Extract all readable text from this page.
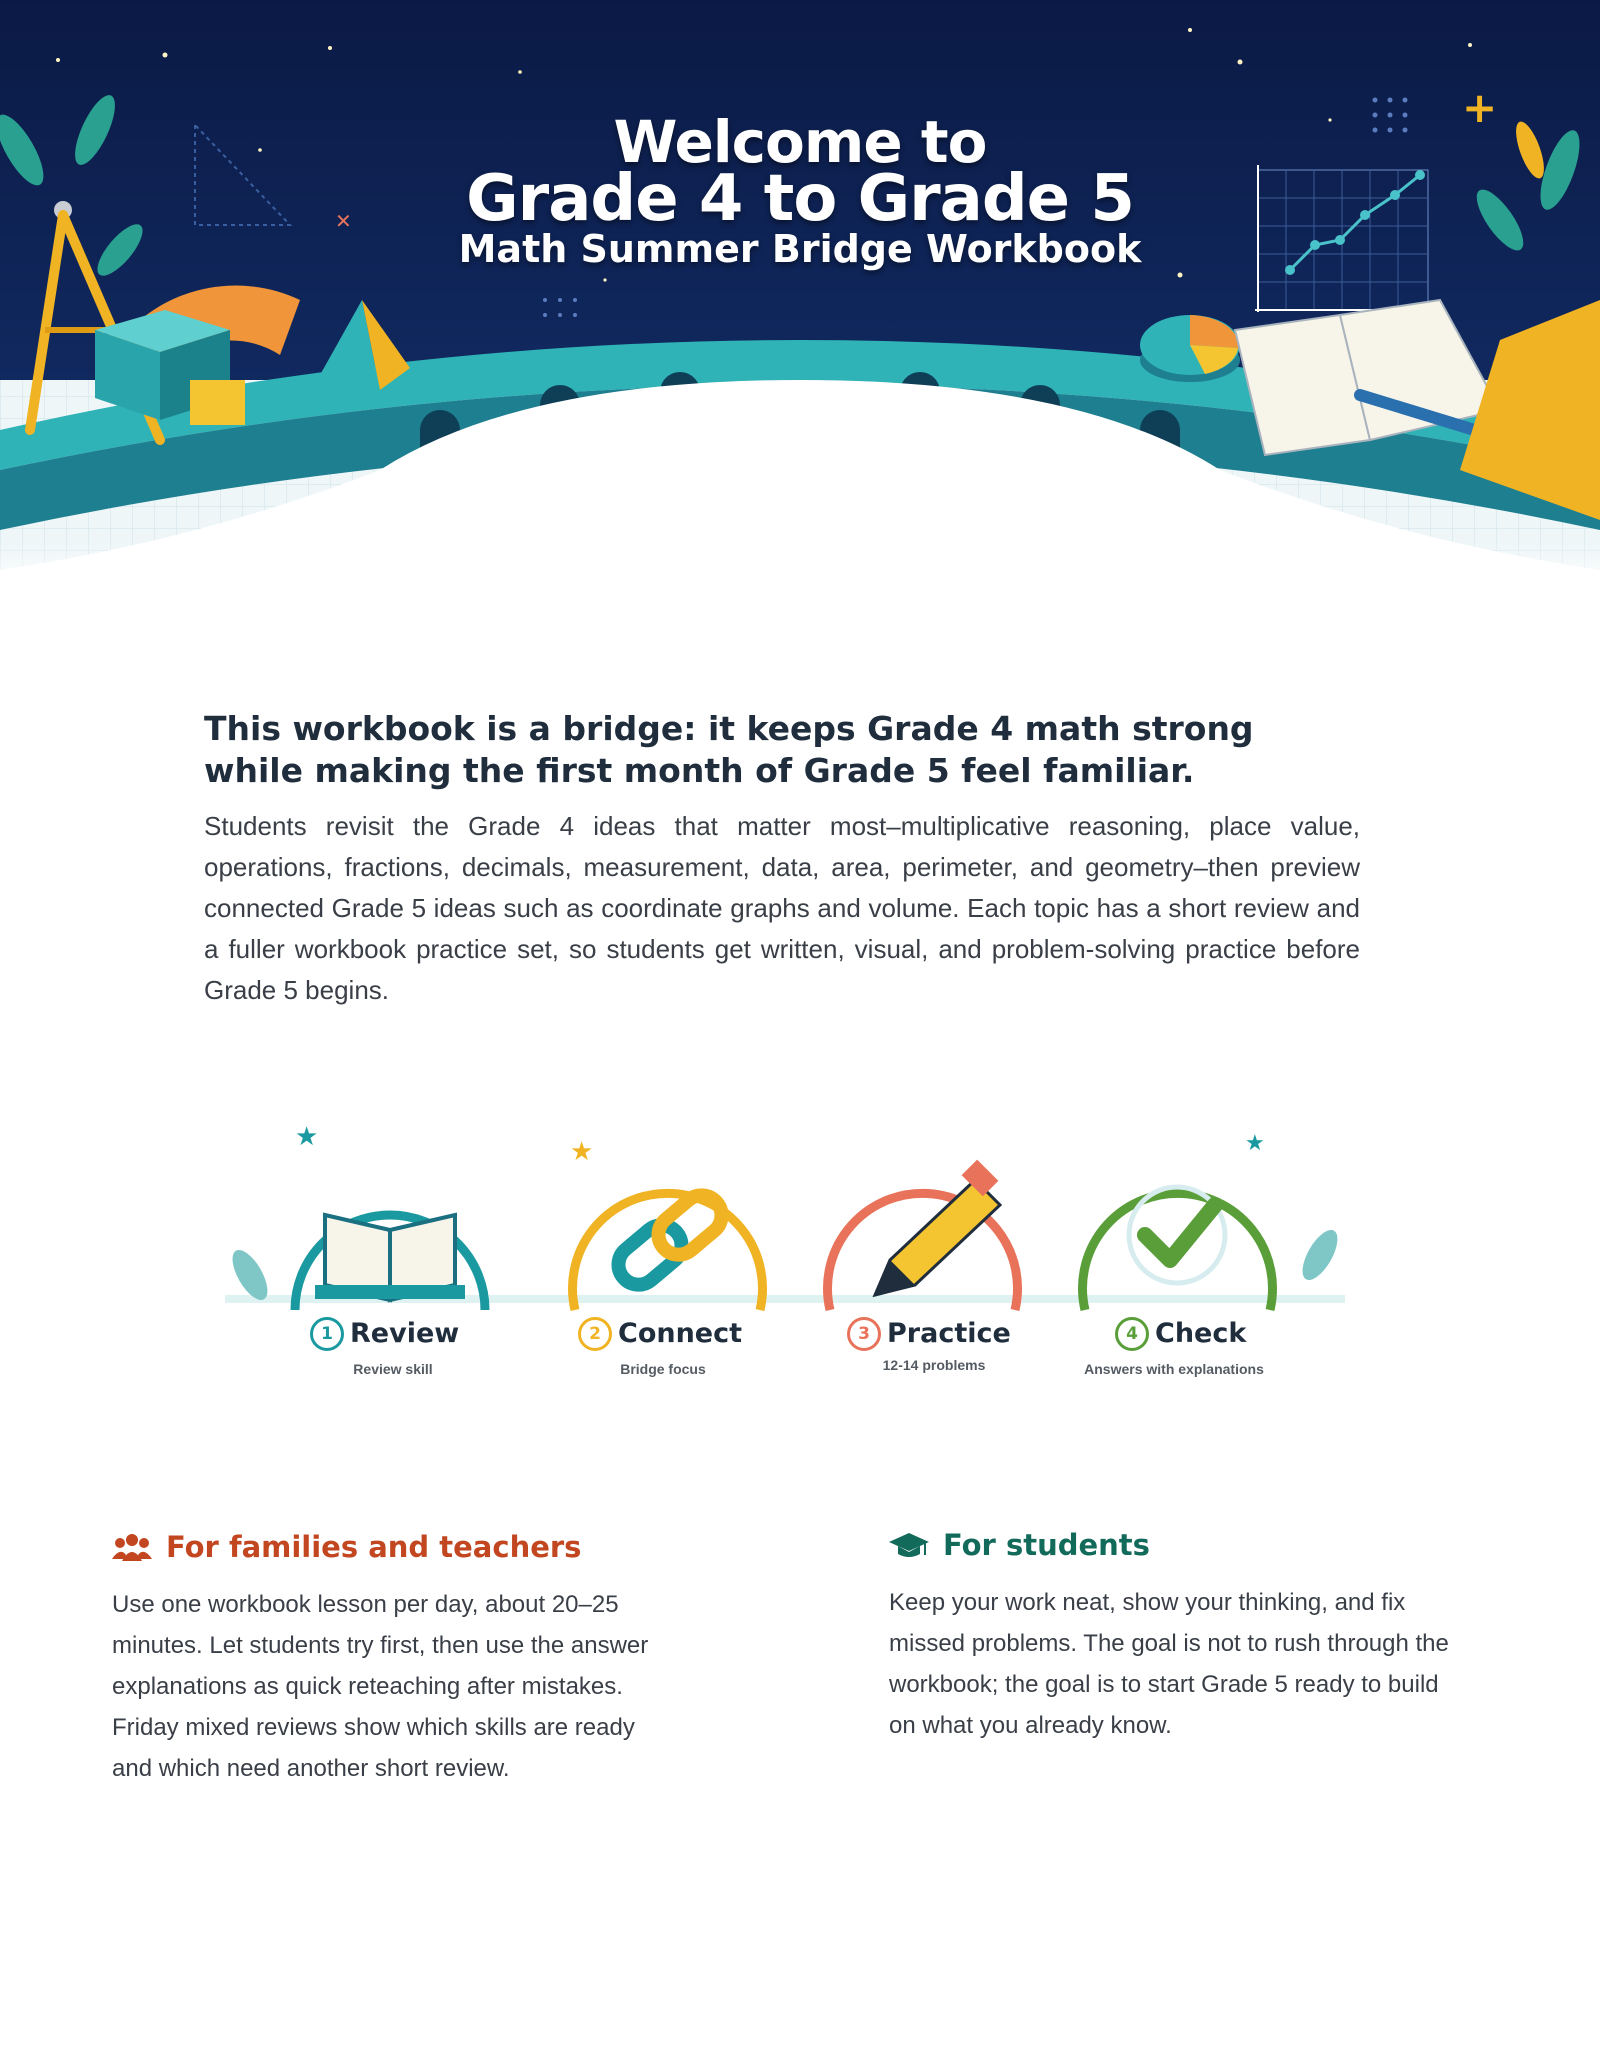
✕
+
Welcome to
Grade 4 to Grade 5
Math Summer Bridge Workbook
This workbook is a bridge: it keeps Grade 4 math strong while making the first month of Grade 5 feel familiar.

Students revisit the Grade 4 ideas that matter most–multiplicative reasoning, place value, operations, fractions, decimals, measurement, data, area, perimeter, and geometry–then preview connected Grade 5 ideas such as coordinate graphs and volume. Each topic has a short review and a fuller workbook practice set, so students get written, visual, and problem-solving practice before Grade 5 begins.

★	★
★
1 Review
Review skill
2 Connect
Bridge focus
3 Practice
12-14 problems
4 Check
Answers with explanations
For families and teachers

Use one workbook lesson per day, about 20–25 minutes. Let students try first, then use the answer explanations as quick reteaching after mistakes. Friday mixed reviews show which skills are ready and which need another short review.

For students

Keep your work neat, show your thinking, and fix missed problems. The goal is not to rush through the workbook; the goal is to start Grade 5 ready to build on what you already know.
